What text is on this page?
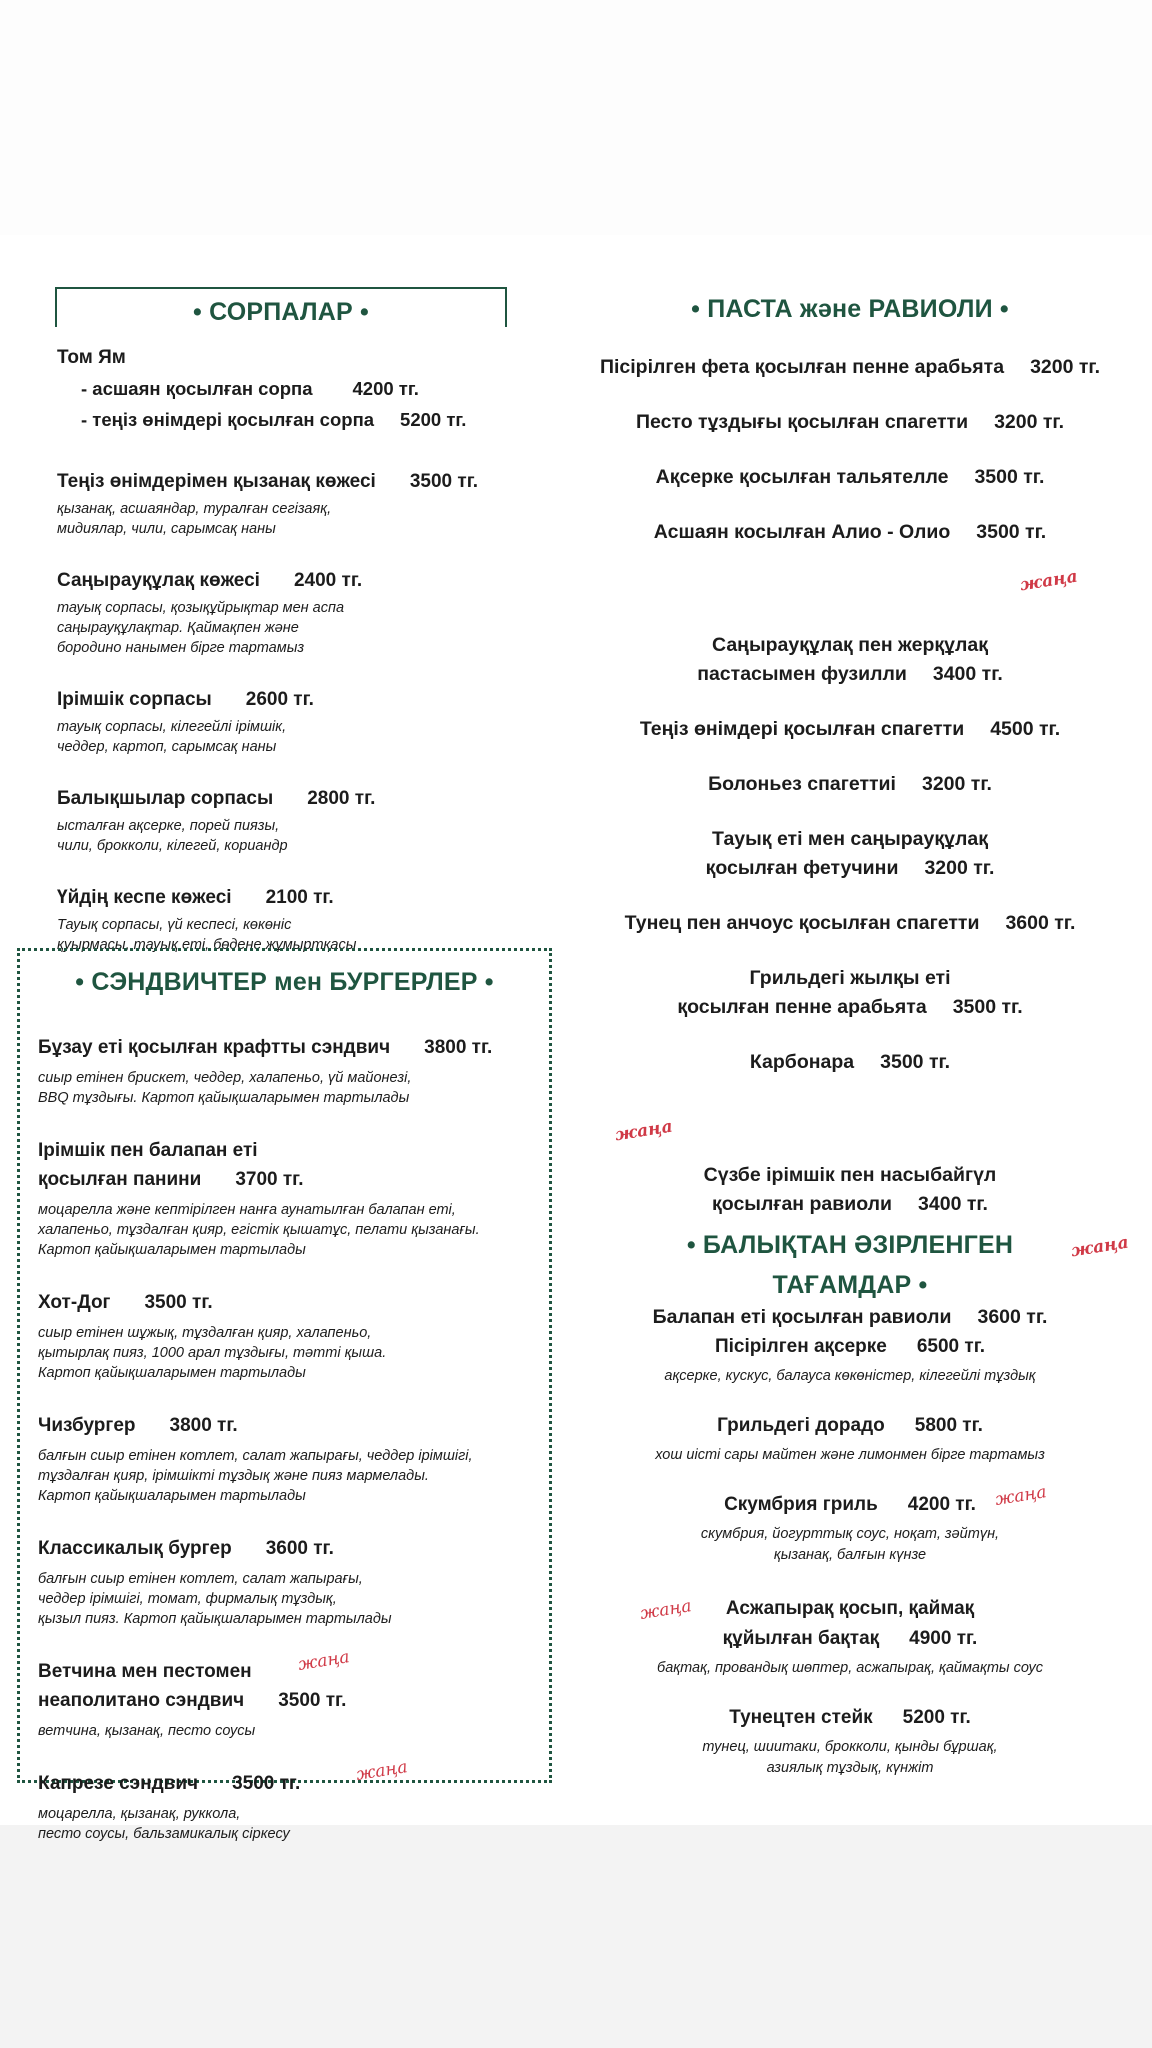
• СОРПАЛАР •
Том Ям
- асшаян қосылған сорпа 4200 тг.
- теңіз өнімдері қосылған сорпа 5200 тг.
Теңіз өнімдерімен қызанақ көжесі 3500 тг.
қызанақ, асшаяндар, туралған сегізаяқ,
мидиялар, чили, сарымсақ наны
Саңырауқұлақ көжесі 2400 тг.
тауық сорпасы, қозықұйрықтар мен аспа
саңырауқұлақтар. Қаймақпен және
бородино нанымен бірге тартамыз
Ірімшік сорпасы 2600 тг.
тауық сорпасы, кілегейлі ірімшік,
чеддер, картоп, сарымсақ наны
Балықшылар сорпасы 2800 тг.
ысталған ақсерке, порей пиязы,
чили, брокколи, кілегей, кориандр
Үйдің кеспе көжесі 2100 тг.
Тауық сорпасы, үй кеспесі, көкөніс
қуырмасы, тауық еті, бөдене жұмыртқасы
• СЭНДВИЧТЕР мен БУРГЕРЛЕР •
Бұзау еті қосылған крафтты сэндвич 3800 тг.
сиыр етінен брискет, чеддер, халапеньо, үй майонезі,
BBQ тұздығы. Картоп қайықшаларымен тартылады
Ірімшік пен балапан еті
қосылған панини 3700 тг.
моцарелла және кептірілген нанға аунатылған балапан еті,
халапеньо, тұздалған қияр, егістік қышатұс, пелати қызанағы.
Картоп қайықшаларымен тартылады
Хот-Дог 3500 тг.
сиыр етінен шұжық, тұздалған қияр, халапеньо,
қытырлақ пияз, 1000 арал тұздығы, тәтті қыша.
Картоп қайықшаларымен тартылады
Чизбургер 3800 тг.
балғын сиыр етінен котлет, салат жапырағы, чеддер ірімшігі,
тұздалған қияр, ірімшікті тұздық және пияз мармелады.
Картоп қайықшаларымен тартылады
Классикалық бургер 3600 тг.
балғын сиыр етінен котлет, салат жапырағы,
чеддер ірімшігі, томат, фирмалық тұздық,
қызыл пияз. Картоп қайықшаларымен тартылады
жаңа
Ветчина мен пестомен
неаполитано сэндвич 3500 тг.
ветчина, қызанақ, песто соусы
жаңа
Капрезе сэндвич 3500 тг.
моцарелла, қызанақ, руккола,
песто соусы, бальзамикалық сіркесу
• ПАСТА және РАВИОЛИ •
Пісірілген фета қосылған пенне арабьята 3200 тг.
Песто тұздығы қосылған спагетти 3200 тг.
Ақсерке қосылған тальятелле 3500 тг.
Асшаян косылған Алио - Олио 3500 тг.

жаңа

Саңырауқұлақ пен жерқұлақ
пастасымен фузилли 3400 тг.

Теңіз өнімдері қосылған спагетти 4500 тг.
Болоньез спагеттиі 3200 тг.
Тауық еті мен саңырауқұлақ
қосылған фетучини 3200 тг.
Тунец пен анчоус қосылған спагетти 3600 тг.
Грильдегі жылқы еті
қосылған пенне арабьята 3500 тг.
Карбонара 3500 тг.

жаңа

Сүзбе ірімшік пен насыбайгүл
қосылған равиоли 3400 тг.

жаңа

Балапан еті қосылған равиоли 3600 тг.

• БАЛЫҚТАН ӘЗІРЛЕНГЕН
ТАҒАМДАР •
Пісірілген ақсерке 6500 тг.
ақсерке, кускус, балауса көкөністер, кілегейлі тұздық
Грильдегі дорадо 5800 тг.
хош иісті сары майтен және лимонмен бірге тартамыз
жаңа
Скумбрия гриль 4200 тг.
скумбрия, йогурттық соус, ноқат, зәйтүн,
қызанақ, балғын күнзе
жаңа	Асжапырақ қосып, қаймақ
құйылған бақтақ 4900 тг.
бақтақ, провандық шөптер, асжапырақ, қаймақты соус
Тунецтен стейк 5200 тг.
тунец, шиитаки, брокколи, қынды бұршақ,
азиялық тұздық, күнжіт
